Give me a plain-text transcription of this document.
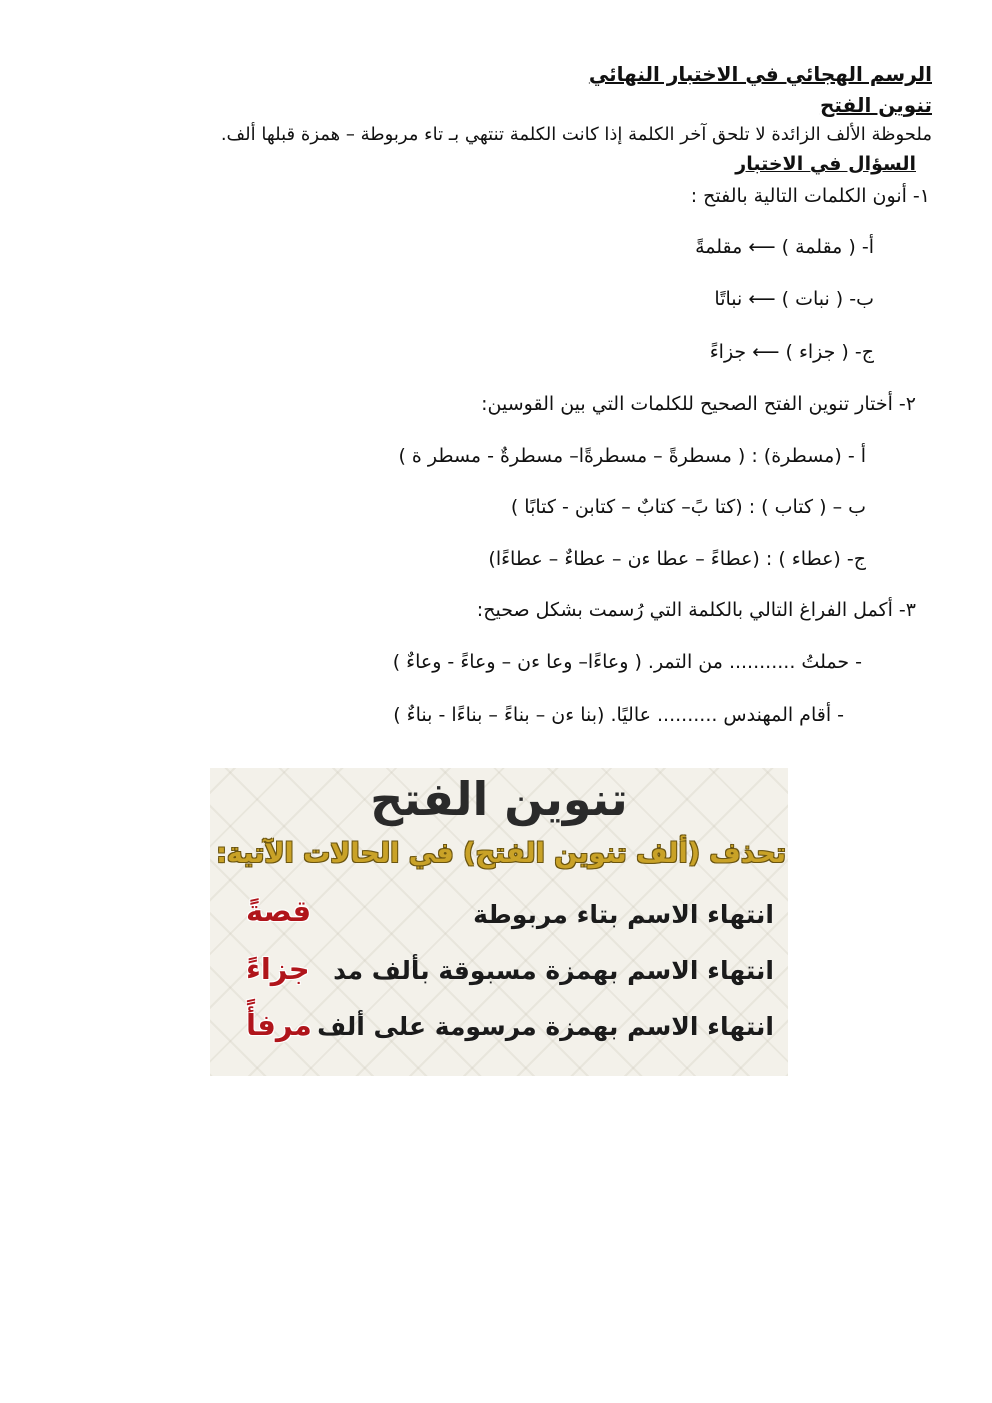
الرسم الهجائي في الاختبار النهائي
تنوين الفتح
ملحوظة الألف الزائدة لا تلحق آخر الكلمة إذا كانت الكلمة تنتهي بـ تاء مربوطة – همزة قبلها ألف.
السؤال في الاختبار
١- أنون الكلمات التالية بالفتح :
أ- ( مقلمة ) ⟵ مقلمةً
ب- ( نبات ) ⟵ نباتًا
ج- ( جزاء ) ⟵ جزاءً
٢- أختار تنوين الفتح الصحيح للكلمات التي بين القوسين:
أ - (مسطرة) : ( مسطرةً – مسطرةًا– مسطرةٌ - مسطر ة )
ب – ( كتاب ) : (كتا بً– كتابٌ – كتابن - كتابًا )
ج- (عطاء ) : (عطاءً – عطا ءن – عطاءٌ – عطاءًا)
٣- أكمل الفراغ التالي بالكلمة التي رُسمت بشكل صحيح:
- حملتُ ........... من التمر. ( وعاءًا– وعا ءن – وعاءً - وعاءٌ )
- أقام المهندس .......... عاليًا. (بنا ءن – بناءً – بناءًا - بناءٌ )
تنوين الفتح
تحذف (ألف تنوين الفتح) في الحالات الآتية:
انتهاء الاسم بتاء مربوطة
قصةً
انتهاء الاسم بهمزة مسبوقة بألف مد
جزاءً
انتهاء الاسم بهمزة مرسومة على ألف
مرفأً
